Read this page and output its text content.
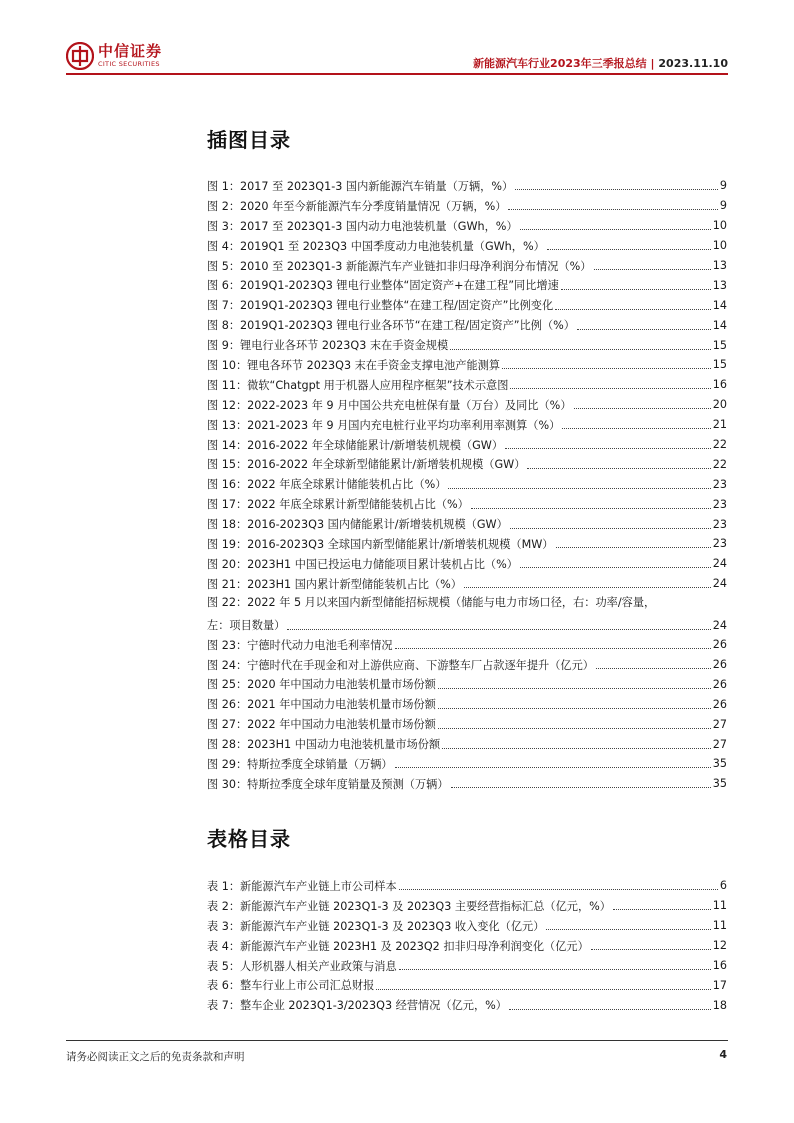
中信证券
CITIC SECURITIES	新能源汽车行业2023年三季报总结 | 2023.11.10
插图目录
图 1：2017 至 2023Q1-3 国内新能源汽车销量（万辆，%）	9
图 2：2020 年至今新能源汽车分季度销量情况（万辆，%）	9
图 3：2017 至 2023Q1-3 国内动力电池装机量（GWh，%）	10
图 4：2019Q1 至 2023Q3 中国季度动力电池装机量（GWh，%）	10
图 5：2010 至 2023Q1-3 新能源汽车产业链扣非归母净利润分布情况（%）	13
图 6：2019Q1-2023Q3 锂电行业整体“固定资产+在建工程”同比增速	13
图 7：2019Q1-2023Q3 锂电行业整体“在建工程/固定资产”比例变化	14
图 8：2019Q1-2023Q3 锂电行业各环节“在建工程/固定资产”比例（%）	14
图 9：锂电行业各环节 2023Q3 末在手资金规模	15
图 10：锂电各环节 2023Q3 末在手资金支撑电池产能测算	15
图 11：微软“Chatgpt 用于机器人应用程序框架”技术示意图	16
图 12：2022-2023 年 9 月中国公共充电桩保有量（万台）及同比（%）	20
图 13：2021-2023 年 9 月国内充电桩行业平均功率利用率测算（%）	21
图 14：2016-2022 年全球储能累计/新增装机规模（GW）	22
图 15：2016-2022 年全球新型储能累计/新增装机规模（GW）	22
图 16：2022 年底全球累计储能装机占比（%）	23
图 17：2022 年底全球累计新型储能装机占比（%）	23
图 18：2016-2023Q3 国内储能累计/新增装机规模（GW）	23
图 19：2016-2023Q3 全球国内新型储能累计/新增装机规模（MW）	23
图 20：2023H1 中国已投运电力储能项目累计装机占比（%）	24
图 21：2023H1 国内累计新型储能装机占比（%）	24
图 22：2022 年 5 月以来国内新型储能招标规模（储能与电力市场口径，右：功率/容量，
左：项目数量）	24
图 23：宁德时代动力电池毛利率情况	26
图 24：宁德时代在手现金和对上游供应商、下游整车厂占款逐年提升（亿元）	26
图 25：2020 年中国动力电池装机量市场份额	26
图 26：2021 年中国动力电池装机量市场份额	26
图 27：2022 年中国动力电池装机量市场份额	27
图 28：2023H1 中国动力电池装机量市场份额	27
图 29：特斯拉季度全球销量（万辆）	35
图 30：特斯拉季度全球年度销量及预测（万辆）	35
表格目录
表 1：新能源汽车产业链上市公司样本	6
表 2：新能源汽车产业链 2023Q1-3 及 2023Q3 主要经营指标汇总（亿元，%）	11
表 3：新能源汽车产业链 2023Q1-3 及 2023Q3 收入变化（亿元）	11
表 4：新能源汽车产业链 2023H1 及 2023Q2 扣非归母净利润变化（亿元）	12
表 5：人形机器人相关产业政策与消息	16
表 6：整车行业上市公司汇总财报	17
表 7：整车企业 2023Q1-3/2023Q3 经营情况（亿元，%）	18
请务必阅读正文之后的免责条款和声明	4
